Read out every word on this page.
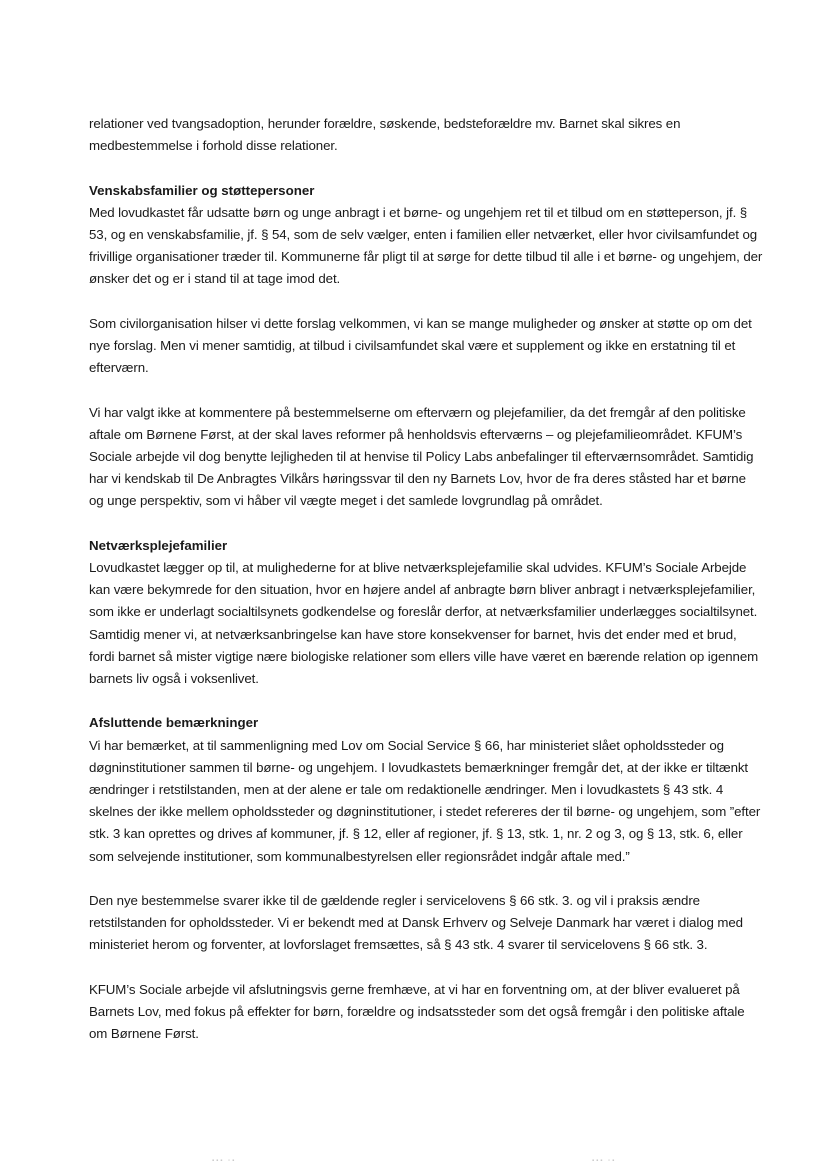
relationer ved tvangsadoption, herunder forældre, søskende, bedsteforældre mv. Barnet skal sikres en medbestemmelse i forhold disse relationer.

Venskabsfamilier og støttepersoner

Med lovudkastet får udsatte børn og unge anbragt i et børne- og ungehjem ret til et tilbud om en støtteperson, jf. § 53, og en venskabsfamilie, jf. § 54, som de selv vælger, enten i familien eller netværket, eller hvor civilsamfundet og frivillige organisationer træder til. Kommunerne får pligt til at sørge for dette tilbud til alle i et børne- og ungehjem, der ønsker det og er i stand til at tage imod det.

Som civilorganisation hilser vi dette forslag velkommen, vi kan se mange muligheder og ønsker at støtte op om det nye forslag. Men vi mener samtidig, at tilbud i civilsamfundet skal være et supplement og ikke en erstatning til et efterværn.

Vi har valgt ikke at kommentere på bestemmelserne om efterværn og plejefamilier, da det fremgår af den politiske aftale om Børnene Først, at der skal laves reformer på henholdsvis efterværns – og plejefamilieområdet. KFUM’s Sociale arbejde vil dog benytte lejligheden til at henvise til Policy Labs anbefalinger til efterværnsområdet. Samtidig har vi kendskab til De Anbragtes Vilkårs høringssvar til den ny Barnets Lov, hvor de fra deres ståsted har et børne og unge perspektiv, som vi håber vil vægte meget i det samlede lovgrundlag på området.

Netværksplejefamilier

Lovudkastet lægger op til, at mulighederne for at blive netværksplejefamilie skal udvides. KFUM’s Sociale Arbejde kan være bekymrede for den situation, hvor en højere andel af anbragte børn bliver anbragt i netværksplejefamilier, som ikke er underlagt socialtilsynets godkendelse og foreslår derfor, at netværksfamilier underlægges socialtilsynet. Samtidig mener vi, at netværksanbringelse kan have store konsekvenser for barnet, hvis det ender med et brud, fordi barnet så mister vigtige nære biologiske relationer som ellers ville have været en bærende relation op igennem barnets liv også i voksenlivet.

Afsluttende bemærkninger

Vi har bemærket, at til sammenligning med Lov om Social Service § 66, har ministeriet slået opholdssteder og døgninstitutioner sammen til børne- og ungehjem. I lovudkastets bemærkninger fremgår det, at der ikke er tiltænkt ændringer i retstilstanden, men at der alene er tale om redaktionelle ændringer. Men i lovudkastets § 43 stk. 4 skelnes der ikke mellem opholdssteder og døgninstitutioner, i stedet refereres der til børne- og ungehjem, som ”efter stk. 3 kan oprettes og drives af kommuner, jf. § 12, eller af regioner, jf. § 13, stk. 1, nr. 2 og 3, og § 13, stk. 6, eller som selvejende institutioner, som kommunalbestyrelsen eller regionsrådet indgår aftale med.”

Den nye bestemmelse svarer ikke til de gældende regler i servicelovens § 66 stk. 3. og vil i praksis ændre retstilstanden for opholdssteder. Vi er bekendt med at Dansk Erhverv og Selveje Danmark har været i dialog med ministeriet herom og forventer, at lovforslaget fremsættes, så § 43 stk. 4 svarer til servicelovens § 66 stk. 3.

KFUM’s Sociale arbejde vil afslutningsvis gerne fremhæve, at vi har en forventning om, at der bliver evalueret på Barnets Lov, med fokus på effekter for børn, forældre og indsatssteder som det også fremgår i den politiske aftale om Børnene Først.

▪▪▪ ▫▪	▪▪▪ ▫▪
